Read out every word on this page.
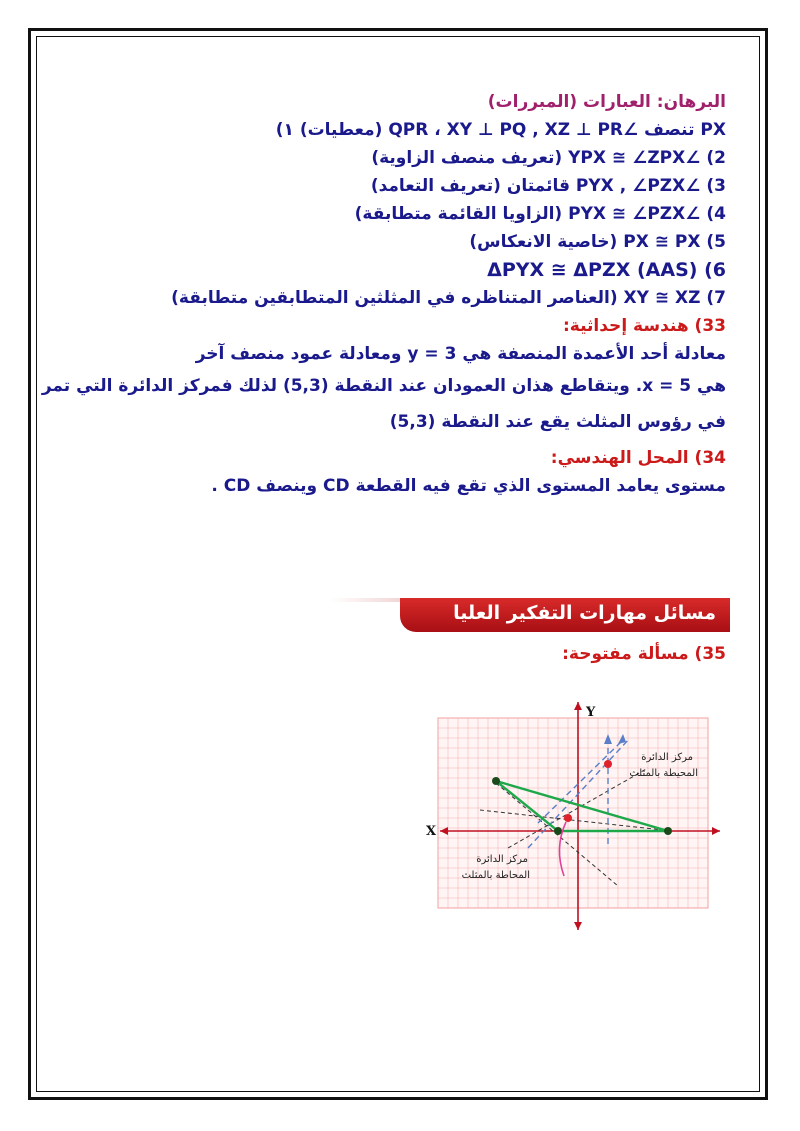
البرهان: العبارات (المبررات)
PX تنصف ∠QPR ، XY ⊥ PQ , XZ ⊥ PR (معطيات) ١)
2) ∠YPX ≅ ∠ZPX (تعريف منصف الزاوية)
3) ∠PYX , ∠PZX قائمتان (تعريف التعامد)
4) ∠PYX ≅ ∠PZX (الزاويا القائمة متطابقة)
5) PX ≅ PX (خاصية الانعكاس)
6) ΔPYX ≅ ΔPZX (AAS)
7) XY ≅ XZ (العناصر المتناظره في المثلثين المتطابقين متطابقة)
33) هندسة إحداثية:
معادلة أحد الأعمدة المنصفة هي y = 3 ومعادلة عمود منصف آخر
هي x = 5. ويتقاطع هذان العمودان عند النقطة (5,3) لذلك فمركز الدائرة التي تمر
في رؤوس المثلث يقع عند النقطة (5,3)
34) المحل الهندسي:
مستوى يعامد المستوى الذي تقع فيه القطعة CD وينصف CD .
مسائل مهارات التفكير العليا
35) مسألة مفتوحة:
Y
X
مركز الدائرة
المحيطة بالمثلث
مركز الدائرة
المحاطة بالمثلث
